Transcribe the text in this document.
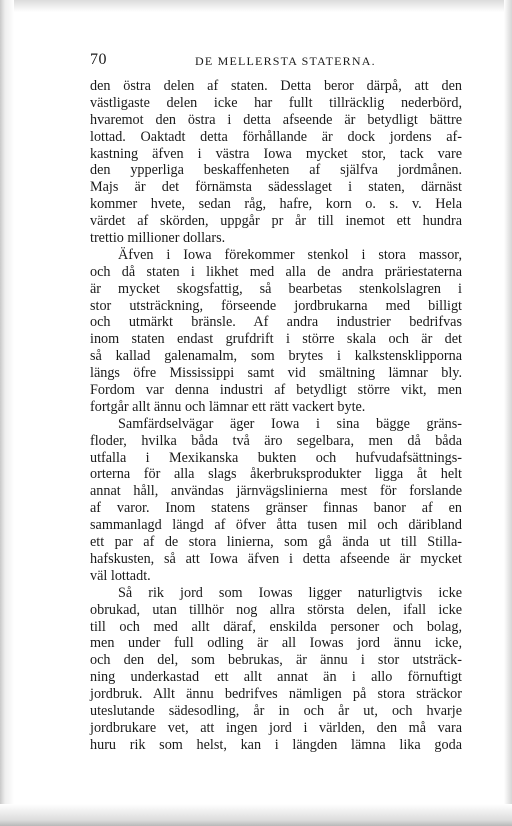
70	DE MELLERSTA STATERNA.
den östra delen af staten. Detta beror därpå, att den
västligaste delen icke har fullt tillräcklig nederbörd,
hvaremot den östra i detta afseende är betydligt bättre
lottad. Oaktadt detta förhållande är dock jordens af-
kastning äfven i västra Iowa mycket stor, tack vare
den ypperliga beskaffenheten af själfva jordmånen.
Majs är det förnämsta sädesslaget i staten, därnäst
kommer hvete, sedan råg, hafre, korn o. s. v. Hela
värdet af skörden, uppgår pr år till inemot ett hundra
trettio millioner dollars.
Äfven i Iowa förekommer stenkol i stora massor,
och då staten i likhet med alla de andra präriestaterna
är mycket skogsfattig, så bearbetas stenkolslagren i
stor utsträckning, förseende jordbrukarna med billigt
och utmärkt bränsle. Af andra industrier bedrifvas
inom staten endast grufdrift i större skala och är det
så kallad galenamalm, som brytes i kalkstensklipporna
längs öfre Mississippi samt vid smältning lämnar bly.
Fordom var denna industri af betydligt större vikt, men
fortgår allt ännu och lämnar ett rätt vackert byte.
Samfärdselvägar äger Iowa i sina bägge gräns-
floder, hvilka båda två äro segelbara, men då båda
utfalla i Mexikanska bukten och hufvudafsättnings-
orterna för alla slags åkerbruksprodukter ligga åt helt
annat håll, användas järnvägslinierna mest för forslande
af varor. Inom statens gränser finnas banor af en
sammanlagd längd af öfver åtta tusen mil och däribland
ett par af de stora linierna, som gå ända ut till Stilla-
hafskusten, så att Iowa äfven i detta afseende är mycket
väl lottadt.
Så rik jord som Iowas ligger naturligtvis icke
obrukad, utan tillhör nog allra största delen, ifall icke
till och med allt däraf, enskilda personer och bolag,
men under full odling är all Iowas jord ännu icke,
och den del, som bebrukas, är ännu i stor utsträck-
ning underkastad ett allt annat än i allo förnuftigt
jordbruk. Allt ännu bedrifves nämligen på stora sträckor
uteslutande sädesodling, år in och år ut, och hvarje
jordbrukare vet, att ingen jord i världen, den må vara
huru rik som helst, kan i längden lämna lika goda
